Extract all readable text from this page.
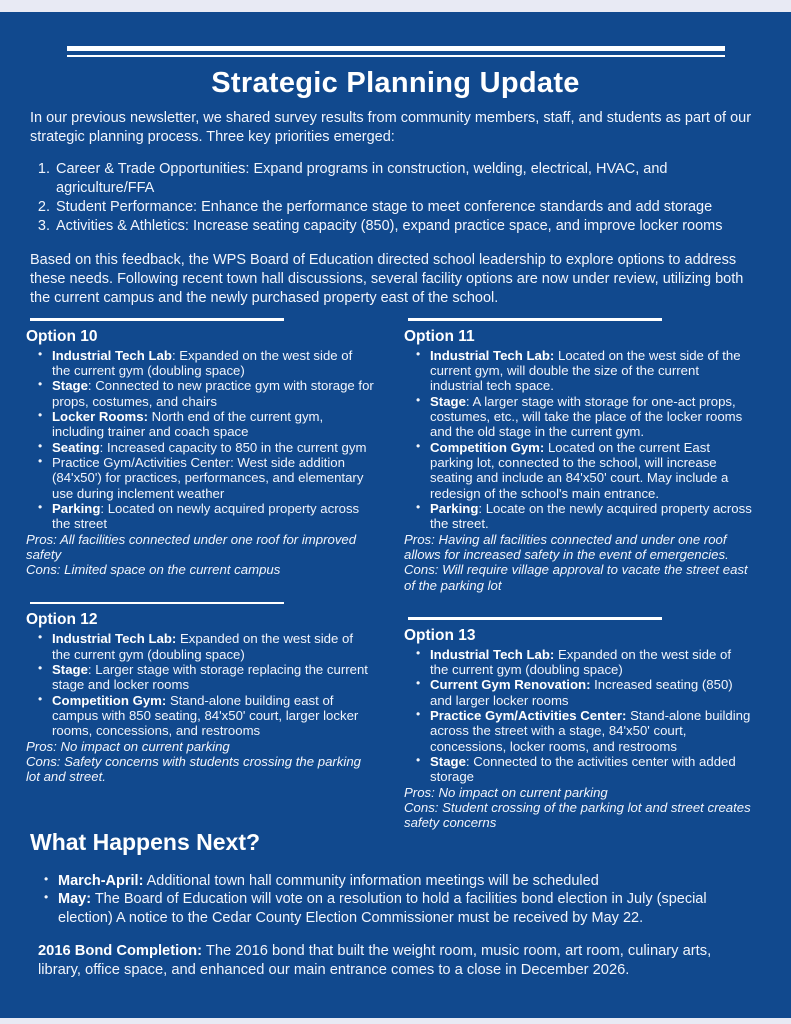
Strategic Planning Update

In our previous newsletter, we shared survey results from community members, staff, and students as part of our strategic planning process. Three key priorities emerged:

1. Career & Trade Opportunities: Expand programs in construction, welding, electrical, HVAC, and agriculture/FFA
2. Student Performance: Enhance the performance stage to meet conference standards and add storage
3. Activities & Athletics: Increase seating capacity (850), expand practice space, and improve locker rooms

Based on this feedback, the WPS Board of Education directed school leadership to explore options to address these needs. Following recent town hall discussions, several facility options are now under review, utilizing both the current campus and the newly purchased property east of the school.

Option 10
• Industrial Tech Lab: Expanded on the west side of the current gym (doubling space)
• Stage: Connected to new practice gym with storage for props, costumes, and chairs
• Locker Rooms: North end of the current gym, including trainer and coach space
• Seating: Increased capacity to 850 in the current gym
• Practice Gym/Activities Center: West side addition (84'x50') for practices, performances, and elementary use during inclement weather
• Parking: Located on newly acquired property across the street

Pros: All facilities connected under one roof for improved safety

Cons: Limited space on the current campus

Option 12
• Industrial Tech Lab: Expanded on the west side of the current gym (doubling space)
• Stage: Larger stage with storage replacing the current stage and locker rooms
• Competition Gym: Stand-alone building east of campus with 850 seating, 84'x50' court, larger locker rooms, concessions, and restrooms

Pros: No impact on current parking

Cons: Safety concerns with students crossing the parking lot and street.

What Happens Next?
Option 11
• Industrial Tech Lab: Located on the west side of the current gym, will double the size of the current industrial tech space.
• Stage: A larger stage with storage for one-act props, costumes, etc., will take the place of the locker rooms and the old stage in the current gym.
• Competition Gym: Located on the current East parking lot, connected to the school, will increase seating and include an 84'x50' court. May include a redesign of the school's main entrance.
• Parking: Locate on the newly acquired property across the street.

Pros: Having all facilities connected and under one roof allows for increased safety in the event of emergencies.

Cons: Will require village approval to vacate the street east of the parking lot

Option 13
• Industrial Tech Lab: Expanded on the west side of the current gym (doubling space)
• Current Gym Renovation: Increased seating (850) and larger locker rooms
• Practice Gym/Activities Center: Stand-alone building across the street with a stage, 84'x50' court, concessions, locker rooms, and restrooms
• Stage: Connected to the activities center with added storage

Pros: No impact on current parking

Cons: Student crossing of the parking lot and street creates safety concerns

• March-April: Additional town hall community information meetings will be scheduled
• May: The Board of Education will vote on a resolution to hold a facilities bond election in July (special election) A notice to the Cedar County Election Commissioner must be received by May 22.

2016 Bond Completion: The 2016 bond that built the weight room, music room, art room, culinary arts, library, office space, and enhanced our main entrance comes to a close in December 2026.
